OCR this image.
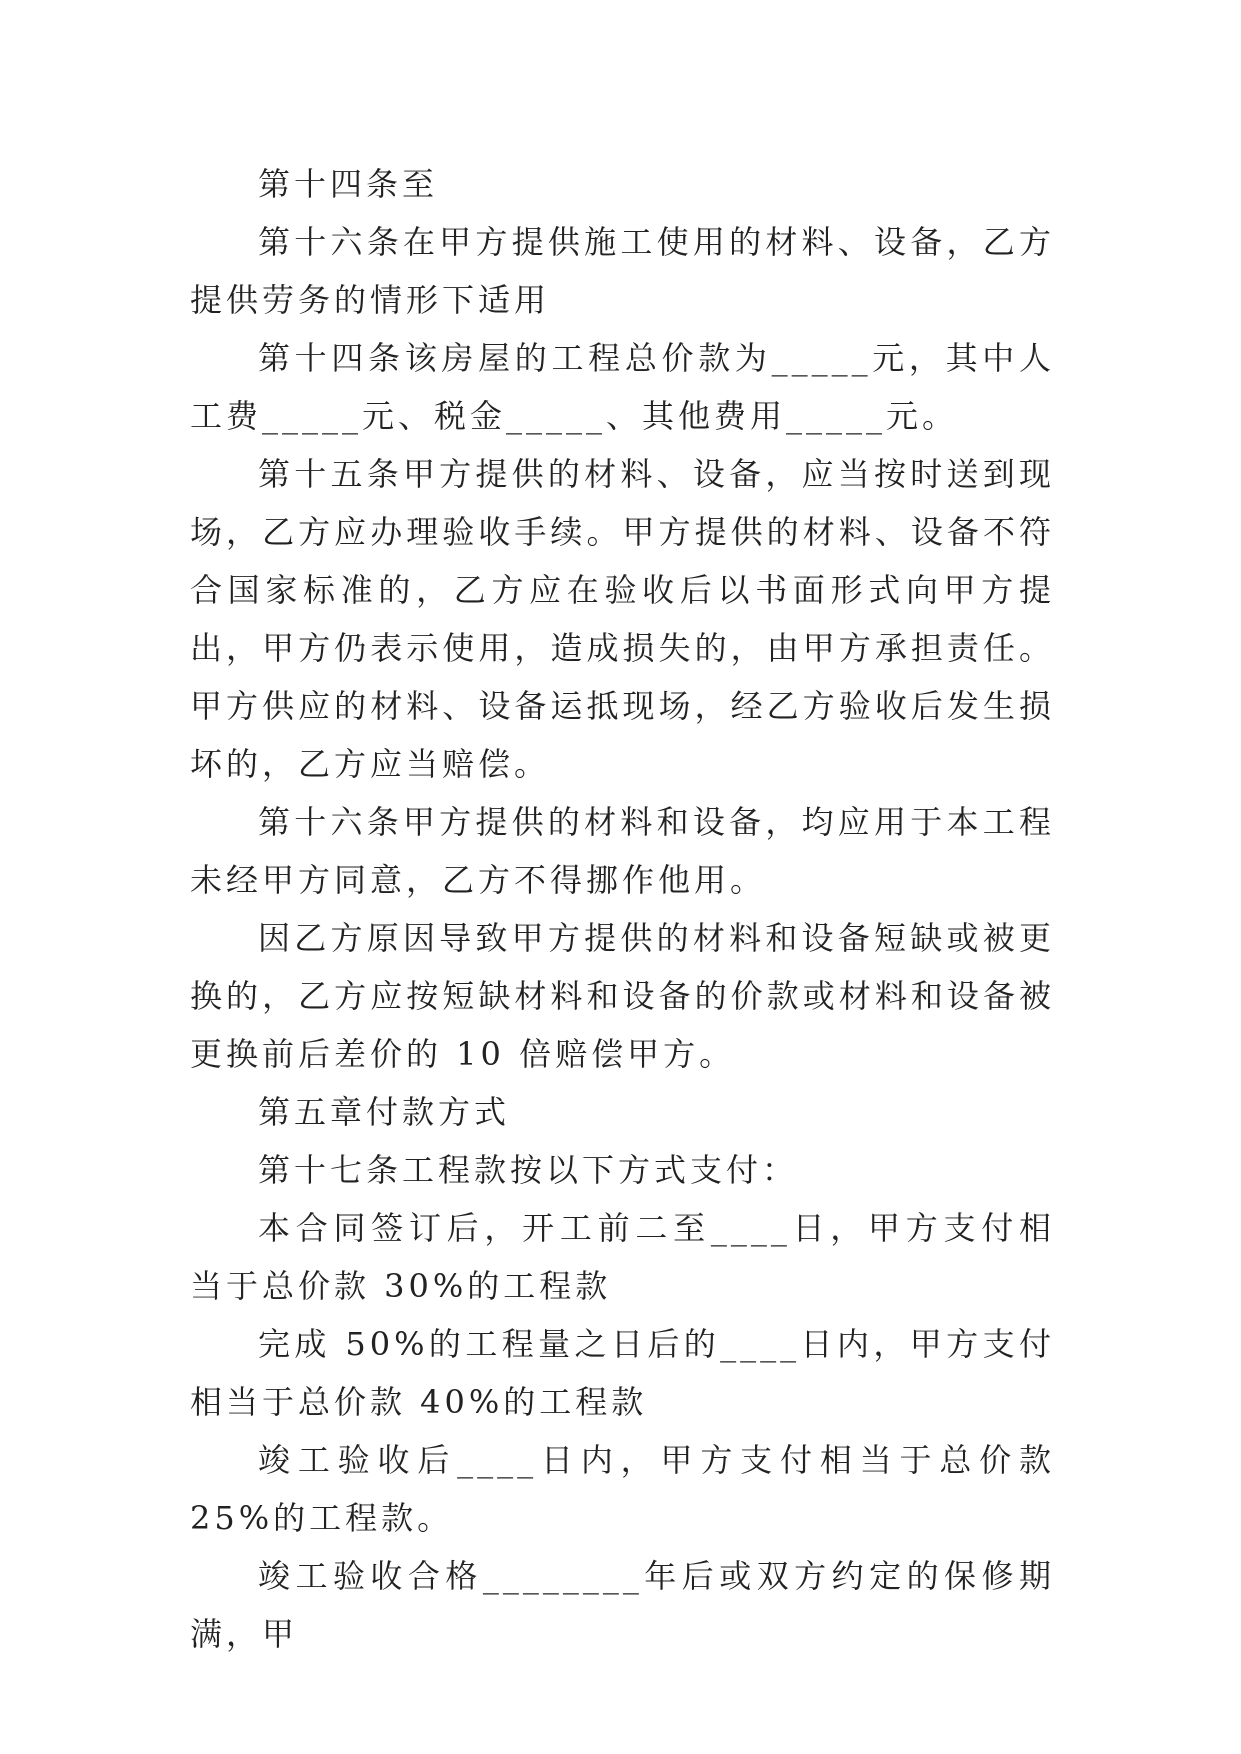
第十四条至

第十六条在甲方提供施工使用的材料、设备，乙方提供劳务的情形下适用

第十四条该房屋的工程总价款为_____元，其中人工费_____元、税金_____、其他费用_____元。

第十五条甲方提供的材料、设备，应当按时送到现场，乙方应办理验收手续。甲方提供的材料、设备不符合国家标准的，乙方应在验收后以书面形式向甲方提出，甲方仍表示使用，造成损失的，由甲方承担责任。甲方供应的材料、设备运抵现场，经乙方验收后发生损坏的，乙方应当赔偿。

第十六条甲方提供的材料和设备，均应用于本工程未经甲方同意，乙方不得挪作他用。

因乙方原因导致甲方提供的材料和设备短缺或被更换的，乙方应按短缺材料和设备的价款或材料和设备被更换前后差价的 10 倍赔偿甲方。

第五章付款方式

第十七条工程款按以下方式支付：

本合同签订后，开工前二至____日，甲方支付相当于总价款 30%的工程款

完成 50%的工程量之日后的____日内，甲方支付相当于总价款 40%的工程款

竣工验收后____日内，甲方支付相当于总价款 25%的工程款。

竣工验收合格________年后或双方约定的保修期满，甲
